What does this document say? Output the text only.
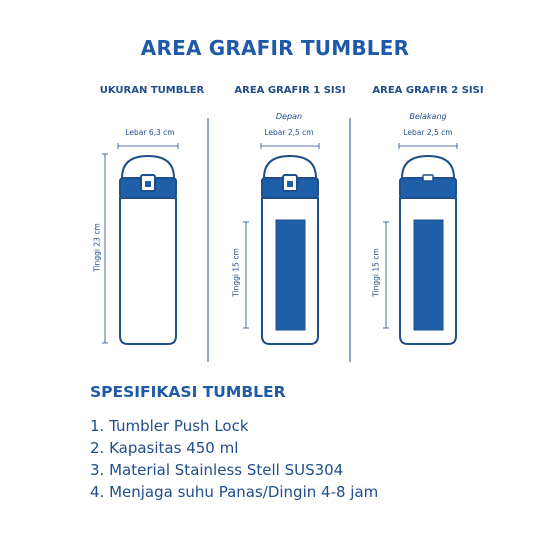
AREA GRAFIR TUMBLER
UKURAN TUMBLER	AREA GRAFIR 1 SISI	AREA GRAFIR 2 SISI
Depan	Belakang
Lebar 6,3 cm	Lebar 2,5 cm	Lebar 2,5 cm
Tinggi 23 cm
Tinggi 15 cm	Tinggi 15 cm
SPESIFIKASI TUMBLER
1. Tumbler Push Lock
2. Kapasitas 450 ml
3. Material Stainless Stell SUS304
4. Menjaga suhu Panas/Dingin 4-8 jam
